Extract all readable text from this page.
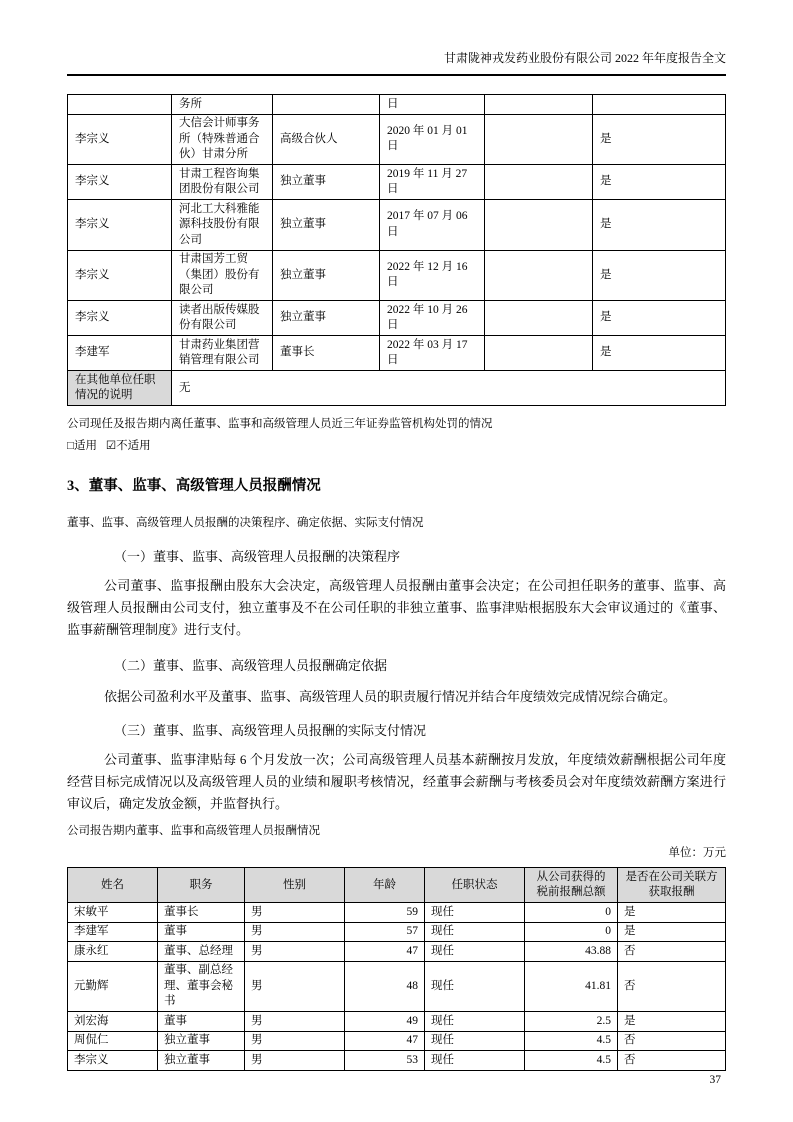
甘肃陇神戎发药业股份有限公司 2022 年年度报告全文
	务所		日		
李宗义	大信会计师事务所（特殊普通合伙）甘肃分所	高级合伙人	2020 年 01 月 01 日		是
李宗义	甘肃工程咨询集团股份有限公司	独立董事	2019 年 11 月 27 日		是
李宗义	河北工大科雅能源科技股份有限公司	独立董事	2017 年 07 月 06 日		是
李宗义	甘肃国芳工贸（集团）股份有限公司	独立董事	2022 年 12 月 16 日		是
李宗义	读者出版传媒股份有限公司	独立董事	2022 年 10 月 26 日		是
李建军	甘肃药业集团营销管理有限公司	董事长	2022 年 03 月 17 日		是
在其他单位任职情况的说明	无				

公司现任及报告期内离任董事、监事和高级管理人员近三年证券监管机构处罚的情况

□适用 ☑不适用

3、董事、监事、高级管理人员报酬情况

董事、监事、高级管理人员报酬的决策程序、确定依据、实际支付情况

（一）董事、监事、高级管理人员报酬的决策程序

公司董事、监事报酬由股东大会决定，高级管理人员报酬由董事会决定；在公司担任职务的董事、监事、高级管理人员报酬由公司支付，独立董事及不在公司任职的非独立董事、监事津贴根据股东大会审议通过的《董事、监事薪酬管理制度》进行支付。

（二）董事、监事、高级管理人员报酬确定依据

依据公司盈利水平及董事、监事、高级管理人员的职责履行情况并结合年度绩效完成情况综合确定。

（三）董事、监事、高级管理人员报酬的实际支付情况

公司董事、监事津贴每 6 个月发放一次；公司高级管理人员基本薪酬按月发放，年度绩效薪酬根据公司年度经营目标完成情况以及高级管理人员的业绩和履职考核情况，经董事会薪酬与考核委员会对年度绩效薪酬方案进行审议后，确定发放金额，并监督执行。

公司报告期内董事、监事和高级管理人员报酬情况

单位：万元

姓名	职务	性别	年龄	任职状态	从公司获得的税前报酬总额	是否在公司关联方获取报酬
宋敏平	董事长	男	59	现任	0	是
李建军	董事	男	57	现任	0	是
康永红	董事、总经理	男	47	现任	43.88	否
元勤辉	董事、副总经理、董事会秘书	男	48	现任	41.81	否
刘宏海	董事	男	49	现任	2.5	是
周侃仁	独立董事	男	47	现任	4.5	否
李宗义	独立董事	男	53	现任	4.5	否
37
